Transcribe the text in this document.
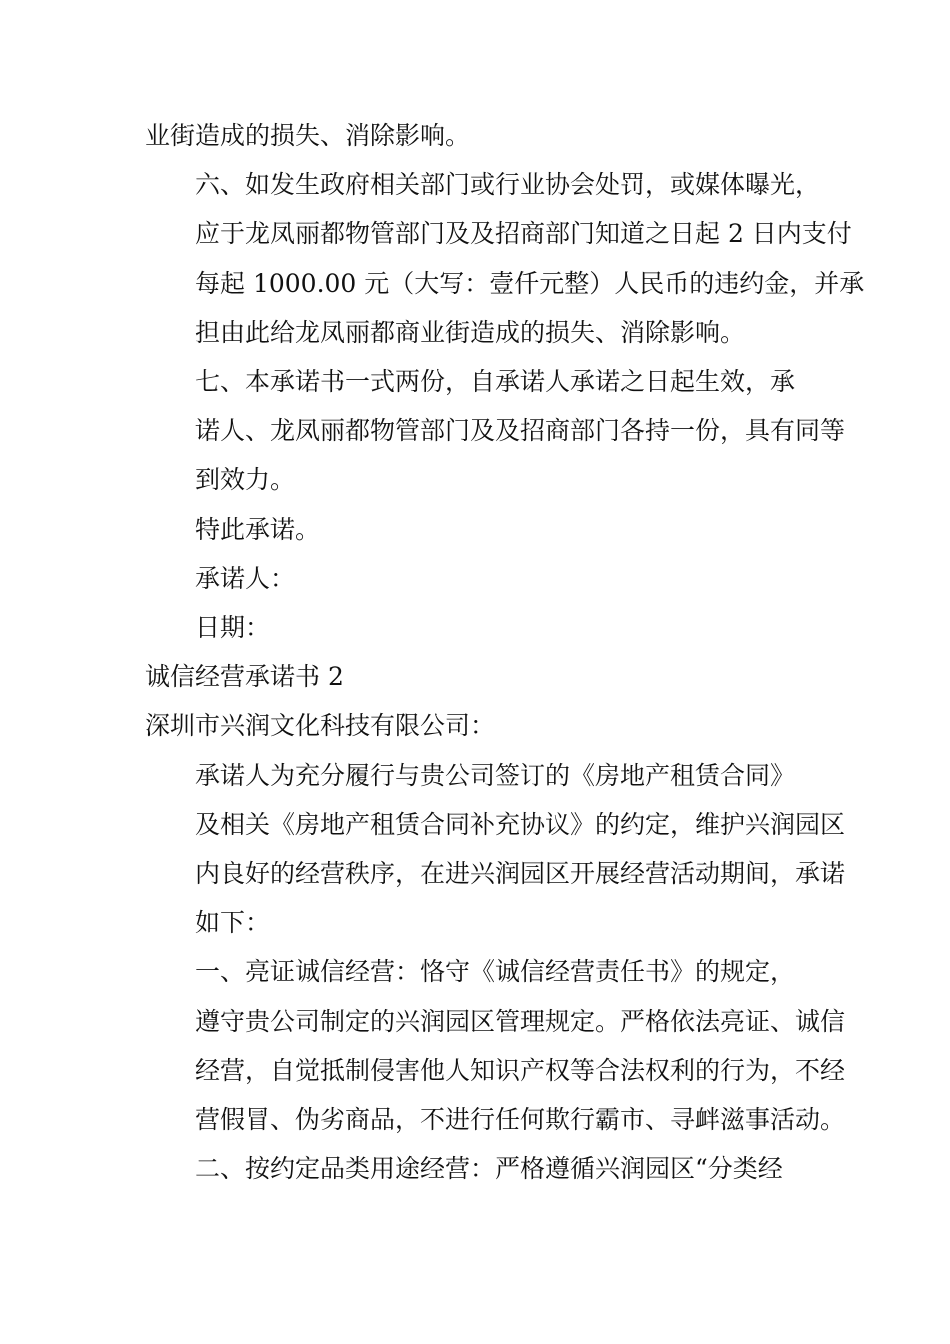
业街造成的损失、消除影响。

六、如发生政府相关部门或行业协会处罚，或媒体曝光，
应于龙凤丽都物管部门及及招商部门知道之日起 2 日内支付
每起 1000.00 元（大写：壹仟元整）人民币的违约金，并承
担由此给龙凤丽都商业街造成的损失、消除影响。

七、本承诺书一式两份，自承诺人承诺之日起生效，承
诺人、龙凤丽都物管部门及及招商部门各持一份，具有同等
到效力。

特此承诺。

承诺人：

日期：

诚信经营承诺书 2

深圳市兴润文化科技有限公司：

承诺人为充分履行与贵公司签订的《房地产租赁合同》
及相关《房地产租赁合同补充协议》的约定，维护兴润园区
内良好的经营秩序，在进兴润园区开展经营活动期间，承诺
如下：

一、亮证诚信经营：恪守《诚信经营责任书》的规定，
遵守贵公司制定的兴润园区管理规定。严格依法亮证、诚信
经营，自觉抵制侵害他人知识产权等合法权利的行为，不经
营假冒、伪劣商品，不进行任何欺行霸市、寻衅滋事活动。

二、按约定品类用途经营：严格遵循兴润园区“分类经
